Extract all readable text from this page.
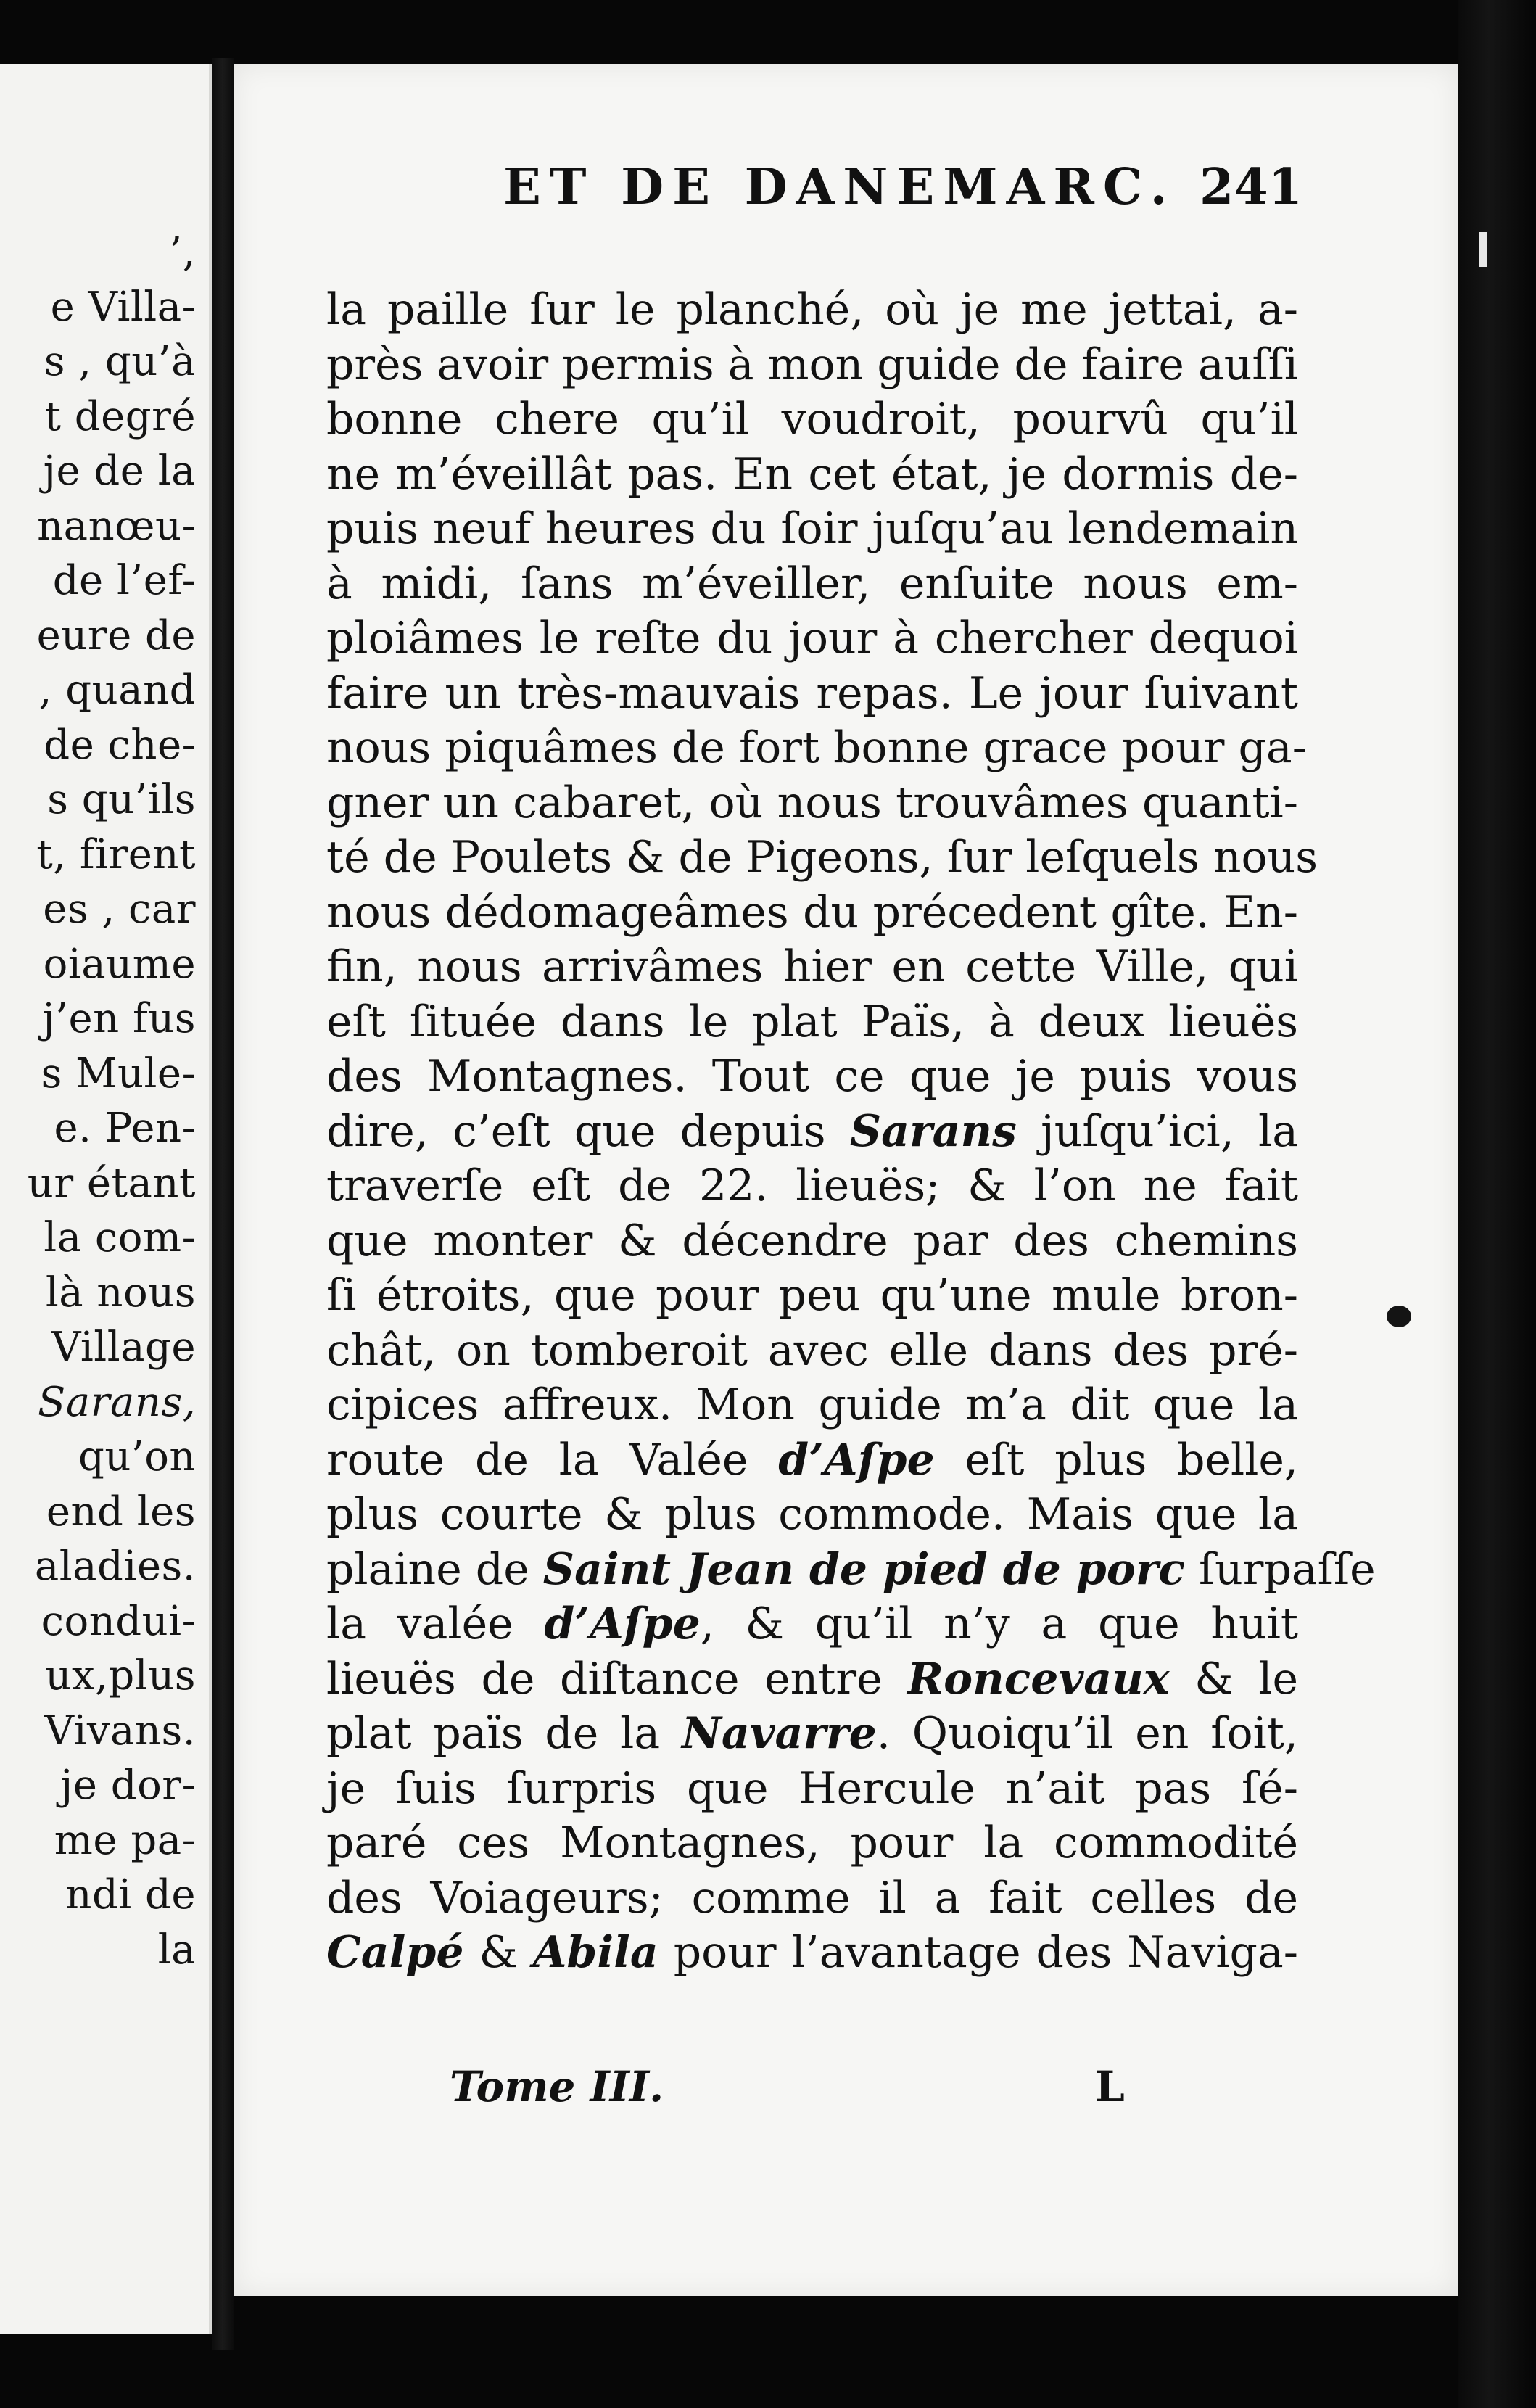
’,
e Villa-
s , qu’à
t degré
je de la
nanœu-
de l’ef-
eure de
, quand
de che-
s qu’ils
t, firent
es , car
oiaume
j’en fus
s Mule-
e. Pen-
ur étant
la com-
là nous
Village
Sarans,
qu’on
end les
aladies.
condui-
ux,plus
Vivans.
je dor-
me pa-
ndi de
la
ET DE DANEMARC. 241
la paille ſur le planché, où je me jettai, a-
près avoir permis à mon guide de faire auſſi
bonne chere qu’il voudroit, pourvû qu’il
ne m’éveillât pas. En cet état, je dormis de-
puis neuf heures du ſoir juſqu’au lendemain
à midi, ſans m’éveiller, enſuite nous em-
ploiâmes le reſte du jour à chercher dequoi
faire un très-mauvais repas. Le jour ſuivant
nous piquâmes de fort bonne grace pour ga-
gner un cabaret, où nous trouvâmes quanti-
té de Poulets & de Pigeons, ſur leſquels nous
nous dédomageâmes du précedent gîte. En-
fin, nous arrivâmes hier en cette Ville, qui
eſt ſituée dans le plat Païs, à deux lieuës
des Montagnes. Tout ce que je puis vous
dire, c’eſt que depuis Sarans juſqu’ici, la
traverſe eſt de 22. lieuës; & l’on ne fait
que monter & décendre par des chemins
ſi étroits, que pour peu qu’une mule bron-
chât, on tomberoit avec elle dans des pré-
cipices affreux. Mon guide m’a dit que la
route de la Valée d’Aſpe eſt plus belle,
plus courte & plus commode. Mais que la
plaine de Saint Jean de pied de porc ſurpaſſe
la valée d’Aſpe, & qu’il n’y a que huit
lieuës de diſtance entre Roncevaux & le
plat païs de la Navarre. Quoiqu’il en ſoit,
je ſuis ſurpris que Hercule n’ait pas ſé-
paré ces Montagnes, pour la commodité
des Voiageurs; comme il a fait celles de
Calpé & Abila pour l’avantage des Naviga-
Tome III.	L
